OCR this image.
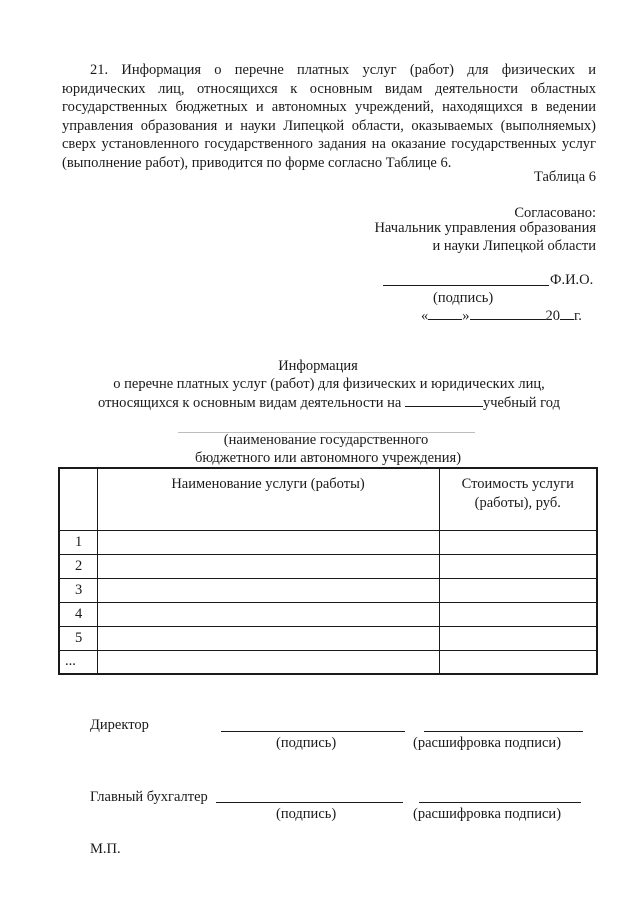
21. Информация о перечне платных услуг (работ) для физических и юридических лиц, относящихся к основным видам деятельности областных государственных бюджетных и автономных учреждений, находящихся в ведении управления образования и науки Липецкой области, оказываемых (выполняемых) сверх установленного государственного задания на оказание государственных услуг (выполнение работ), приводится по форме согласно Таблице 6.
Таблица 6
Согласовано:
Начальник управления образования
и науки Липецкой области
Ф.И.О.
(подпись)
« »	20 г.
Информация
о перечне платных услуг (работ) для физических и юридических лиц,
относящихся к основным видам деятельности на	учебный год
(наименование государственного
бюджетного или автономного учреждения)
	Наименование услуги (работы)	Стоимость услуги (работы), руб.
1		
2		
3		
4		
5		
...		
Директор
(подпись)	(расшифровка подписи)
Главный бухгалтер
(подпись)	(расшифровка подписи)
М.П.
